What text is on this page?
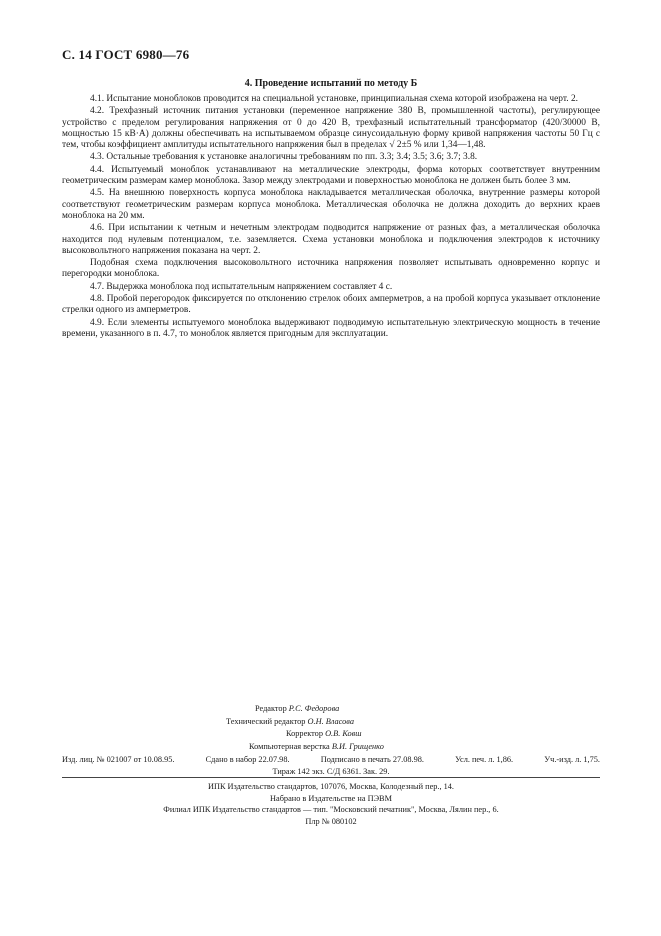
С. 14 ГОСТ 6980—76
4. Проведение испытаний по методу Б

4.1. Испытание моноблоков проводится на специальной установке, принципиальная схема которой изображена на черт. 2.

4.2. Трехфазный источник питания установки (переменное напряжение 380 В, промышленной частоты), регулирующее устройство с пределом регулирования напряжения от 0 до 420 В, трехфазный испытательный трансформатор (420/30000 В, мощностью 15 кВ·А) должны обеспечивать на испытываемом образце синусоидальную форму кривой напряжения частоты 50 Гц с тем, чтобы коэффициент амплитуды испытательного напряжения был в пределах √ 2±5 % или 1,34—1,48.

4.3. Остальные требования к установке аналогичны требованиям по пп. 3.3; 3.4; 3.5; 3.6; 3.7; 3.8.

4.4. Испытуемый моноблок устанавливают на металлические электроды, форма которых соответствует внутренним геометрическим размерам камер моноблока. Зазор между электродами и поверхностью моноблока не должен быть более 3 мм.

4.5. На внешнюю поверхность корпуса моноблока накладывается металлическая оболочка, внутренние размеры которой соответствуют геометрическим размерам корпуса моноблока. Металлическая оболочка не должна доходить до верхних краев моноблока на 20 мм.

4.6. При испытании к четным и нечетным электродам подводится напряжение от разных фаз, а металлическая оболочка находится под нулевым потенциалом, т.е. заземляется. Схема установки моноблока и подключения электродов к источнику высоковольтного напряжения показана на черт. 2.

Подобная схема подключения высоковольтного источника напряжения позволяет испытывать одновременно корпус и перегородки моноблока.

4.7. Выдержка моноблока под испытательным напряжением составляет 4 с.

4.8. Пробой перегородок фиксируется по отклонению стрелок обоих амперметров, а на пробой корпуса указывает отклонение стрелки одного из амперметров.

4.9. Если элементы испытуемого моноблока выдерживают подводимую испытательную электрическую мощность в течение времени, указанного в п. 4.7, то моноблок является пригодным для эксплуатации.

Редактор Р.С. Федорова
Технический редактор О.Н. Власова
Корректор О.В. Ковш
Компьютерная верстка В.И. Грищенко
Изд. лиц. № 021007 от 10.08.95.	Сдано в набор 22.07.98.	Подписано в печать 27.08.98.	Усл. печ. л. 1,86.	Уч.-изд. л. 1,75.
Тираж 142 экз. С/Д 6361. Зак. 29.
ИПК Издательство стандартов, 107076, Москва, Колодезный пер., 14.
Набрано в Издательстве на ПЭВМ
Филиал ИПК Издательство стандартов — тип. "Московский печатник", Москва, Лялин пер., 6.
Плр № 080102
